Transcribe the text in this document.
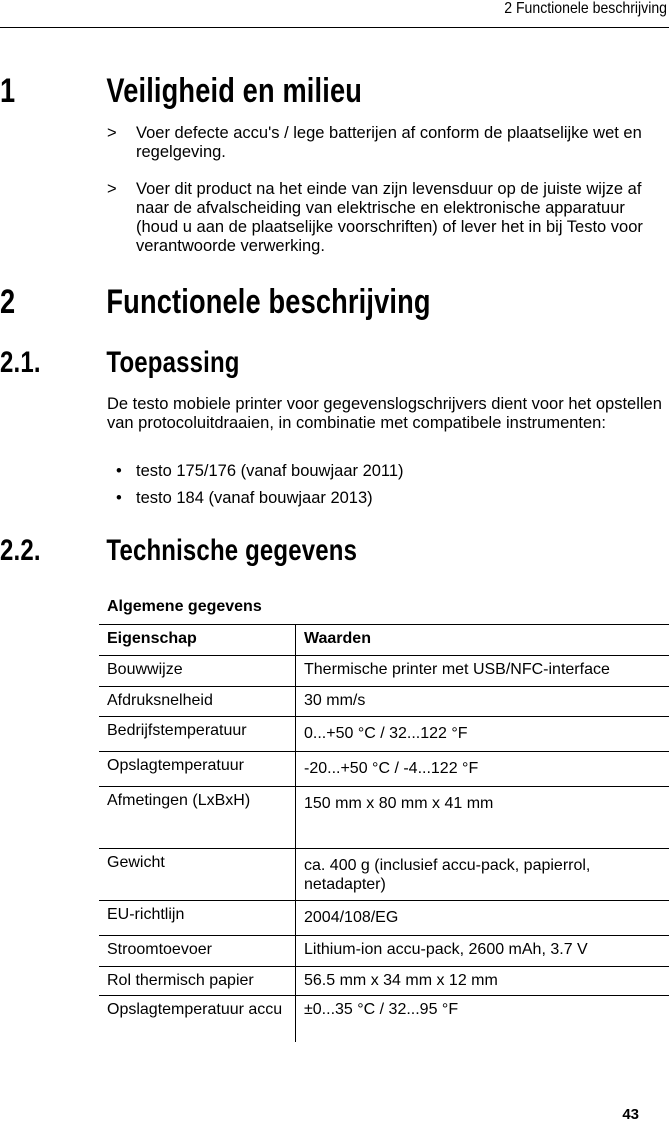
2 Functionele beschrijving
1	Veiligheid en milieu
> Voer defecte accu's / lege batterijen af conform de plaatselijke wet en regelgeving.
> Voer dit product na het einde van zijn levensduur op de juiste wijze af naar de afvalscheiding van elektrische en elektronische apparatuur (houd u aan de plaatselijke voorschriften) of lever het in bij Testo voor verantwoorde verwerking.
2	Functionele beschrijving
2.1. Toepassing
De testo mobiele printer voor gegevenslogschrijvers dient voor het opstellen van protocoluitdraaien, in combinatie met compatibele instrumenten:
• testo 175/176 (vanaf bouwjaar 2011)
• testo 184 (vanaf bouwjaar 2013)
2.2. Technische gegevens
Algemene gegevens
Eigenschap	Waarden
Bouwwijze	Thermische printer met USB/NFC-interface
Afdruksnelheid	30 mm/s
Bedrijfstemperatuur	0...+50 °C / 32...122 °F
Opslagtemperatuur	-20...+50 °C / -4...122 °F
Afmetingen (LxBxH)	150 mm x 80 mm x 41 mm
Gewicht	ca. 400 g (inclusief accu-pack, papierrol, netadapter)
EU-richtlijn	2004/108/EG
Stroomtoevoer	Lithium-ion accu-pack, 2600 mAh, 3.7 V
Rol thermisch papier	56.5 mm x 34 mm x 12 mm
Opslagtemperatuur accu	±0...35 °C / 32...95 °F
43
